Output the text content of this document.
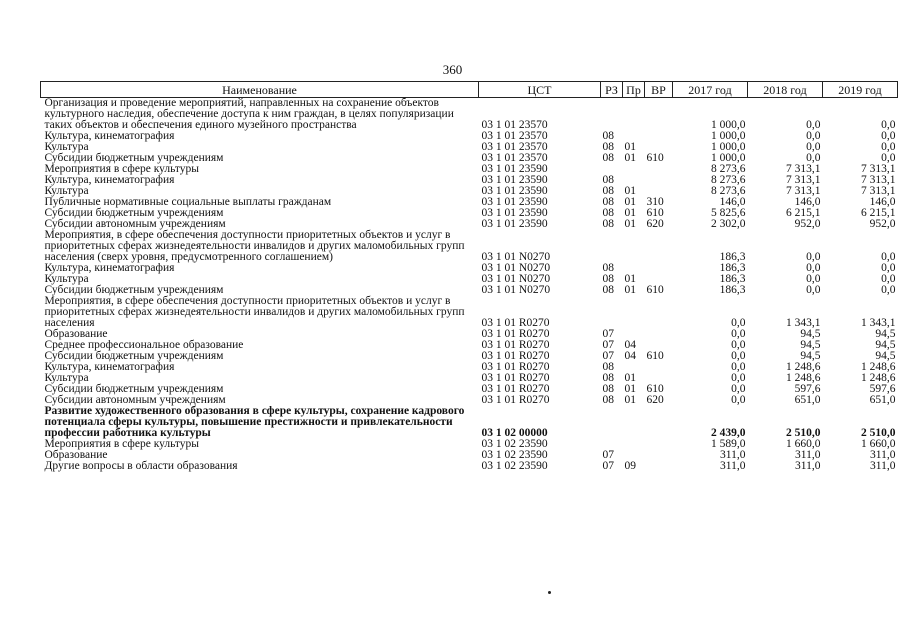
360
Наименование	ЦСТ	РЗ	Пр	ВР	2017 год	2018 год	2019 год
Организация и проведение мероприятий, направленных на сохранение объектов культурного наследия, обеспечение доступа к ним граждан, в целях популяризации таких объектов и обеспечения единого музейного пространства	03 1 01 23570				1 000,0	0,0	0,0
Культура, кинематография	03 1 01 23570	08			1 000,0	0,0	0,0
Культура	03 1 01 23570	08	01		1 000,0	0,0	0,0
Субсидии бюджетным учреждениям	03 1 01 23570	08	01	610	1 000,0	0,0	0,0
Мероприятия в сфере культуры	03 1 01 23590				8 273,6	7 313,1	7 313,1
Культура, кинематография	03 1 01 23590	08			8 273,6	7 313,1	7 313,1
Культура	03 1 01 23590	08	01		8 273,6	7 313,1	7 313,1
Публичные нормативные социальные выплаты гражданам	03 1 01 23590	08	01	310	146,0	146,0	146,0
Субсидии бюджетным учреждениям	03 1 01 23590	08	01	610	5 825,6	6 215,1	6 215,1
Субсидии автономным учреждениям	03 1 01 23590	08	01	620	2 302,0	952,0	952,0
Мероприятия, в сфере обеспечения доступности приоритетных объектов и услуг в приоритетных сферах жизнедеятельности инвалидов и других маломобильных групп населения (сверх уровня, предусмотренного соглашением)	03 1 01 N0270				186,3	0,0	0,0
Культура, кинематография	03 1 01 N0270	08			186,3	0,0	0,0
Культура	03 1 01 N0270	08	01		186,3	0,0	0,0
Субсидии бюджетным учреждениям	03 1 01 N0270	08	01	610	186,3	0,0	0,0
Мероприятия, в сфере обеспечения доступности приоритетных объектов и услуг в приоритетных сферах жизнедеятельности инвалидов и других маломобильных групп населения	03 1 01 R0270				0,0	1 343,1	1 343,1
Образование	03 1 01 R0270	07			0,0	94,5	94,5
Среднее профессиональное образование	03 1 01 R0270	07	04		0,0	94,5	94,5
Субсидии бюджетным учреждениям	03 1 01 R0270	07	04	610	0,0	94,5	94,5
Культура, кинематография	03 1 01 R0270	08			0,0	1 248,6	1 248,6
Культура	03 1 01 R0270	08	01		0,0	1 248,6	1 248,6
Субсидии бюджетным учреждениям	03 1 01 R0270	08	01	610	0,0	597,6	597,6
Субсидии автономным учреждениям	03 1 01 R0270	08	01	620	0,0	651,0	651,0
Развитие художественного образования в сфере культуры, сохранение кадрового потенциала сферы культуры, повышение престижности и привлекательности профессии работника культуры	03 1 02 00000				2 439,0	2 510,0	2 510,0
Мероприятия в сфере культуры	03 1 02 23590				1 589,0	1 660,0	1 660,0
Образование	03 1 02 23590	07			311,0	311,0	311,0
Другие вопросы в области образования	03 1 02 23590	07	09		311,0	311,0	311,0
